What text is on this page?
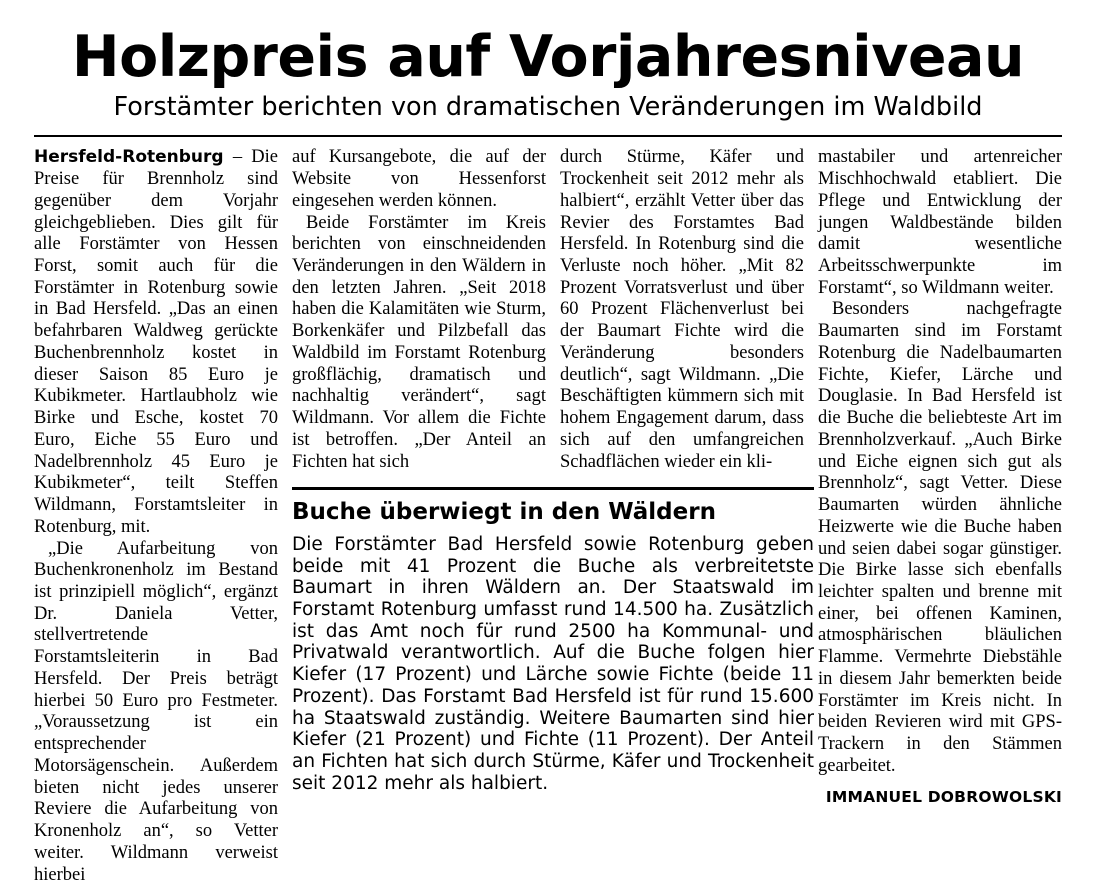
Holzpreis auf Vorjahresniveau
Forstämter berichten von dramatischen Veränderungen im Waldbild

Hersfeld-Rotenburg – Die Preise für Brennholz sind gegenüber dem Vorjahr gleichgeblieben. Dies gilt für alle Forstämter von Hessen Forst, somit auch für die Forstämter in Rotenburg sowie in Bad Hersfeld. „Das an einen befahrbaren Waldweg gerückte Buchenbrennholz kostet in dieser Saison 85 Euro je Kubikmeter. Hartlaubholz wie Birke und Esche, kostet 70 Euro, Eiche 55 Euro und Nadelbrennholz 45 Euro je Kubikmeter“, teilt Steffen Wildmann, Forstamtsleiter in Rotenburg, mit.

„Die Aufarbeitung von Buchenkronenholz im Bestand ist prinzipiell möglich“, ergänzt Dr. Daniela Vetter, stellvertretende Forstamtsleiterin in Bad Hersfeld. Der Preis beträgt hierbei 50 Euro pro Festmeter. „Voraussetzung ist ein entsprechender Motorsägenschein. Außerdem bieten nicht jedes unserer Reviere die Aufarbeitung von Kronenholz an“, so Vetter weiter. Wildmann verweist hierbei

auf Kursangebote, die auf der Website von Hessenforst eingesehen werden können.

Beide Forstämter im Kreis berichten von einschneidenden Veränderungen in den Wäldern in den letzten Jahren. „Seit 2018 haben die Kalamitäten wie Sturm, Borkenkäfer und Pilzbefall das Waldbild im Forstamt Rotenburg großflächig, dramatisch und nachhaltig verändert“, sagt Wildmann. Vor allem die Fichte ist betroffen. „Der Anteil an Fichten hat sich

Buche überwiegt in den Wäldern

Die Forstämter Bad Hersfeld sowie Rotenburg geben beide mit 41 Prozent die Buche als verbreitetste Baumart in ihren Wäldern an. Der Staatswald im Forstamt Rotenburg umfasst rund 14.500 ha. Zusätzlich ist das Amt noch für rund 2500 ha Kommunal- und Privatwald verantwortlich. Auf die Buche folgen hier Kiefer (17 Prozent) und Lärche sowie Fichte (beide 11 Prozent). Das Forstamt Bad Hersfeld ist für rund 15.600 ha Staatswald zuständig. Weitere Baumarten sind hier Kiefer (21 Prozent) und Fichte (11 Prozent). Der Anteil an Fichten hat sich durch Stürme, Käfer und Trockenheit seit 2012 mehr als halbiert.

durch Stürme, Käfer und Trockenheit seit 2012 mehr als halbiert“, erzählt Vetter über das Revier des Forstamtes Bad Hersfeld. In Rotenburg sind die Verluste noch höher. „Mit 82 Prozent Vorratsverlust und über 60 Prozent Flächenverlust bei der Baumart Fichte wird die Veränderung besonders deutlich“, sagt Wildmann. „Die Beschäftigten kümmern sich mit hohem Engagement darum, dass sich auf den umfangreichen Schadflächen wieder ein kli-

mastabiler und artenreicher Mischhochwald etabliert. Die Pflege und Entwicklung der jungen Waldbestände bilden damit wesentliche Arbeitsschwerpunkte im Forstamt“, so Wildmann weiter.

Besonders nachgefragte Baumarten sind im Forstamt Rotenburg die Nadelbaumarten Fichte, Kiefer, Lärche und Douglasie. In Bad Hersfeld ist die Buche die beliebteste Art im Brennholzverkauf. „Auch Birke und Eiche eignen sich gut als Brennholz“, sagt Vetter. Diese Baumarten würden ähnliche Heizwerte wie die Buche haben und seien dabei sogar günstiger. Die Birke lasse sich ebenfalls leichter spalten und brenne mit einer, bei offenen Kaminen, atmosphärischen bläulichen Flamme. Vermehrte Diebstähle in diesem Jahr bemerkten beide Forstämter im Kreis nicht. In beiden Revieren wird mit GPS-Trackern in den Stämmen gearbeitet.

IMMANUEL DOBROWOLSKI
